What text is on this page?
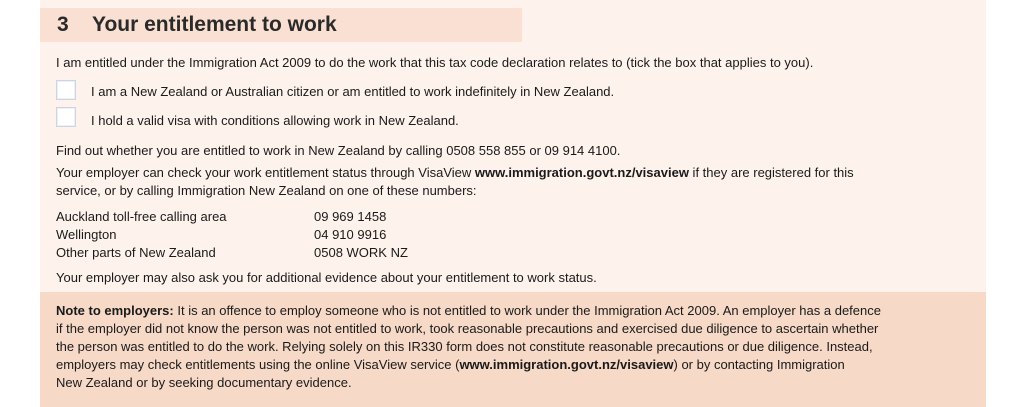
3 Your entitlement to work
I am entitled under the Immigration Act 2009 to do the work that this tax code declaration relates to (tick the box that applies to you).
I am a New Zealand or Australian citizen or am entitled to work indefinitely in New Zealand.
I hold a valid visa with conditions allowing work in New Zealand.
Find out whether you are entitled to work in New Zealand by calling 0508 558 855 or 09 914 4100.
Your employer can check your work entitlement status through VisaView www.immigration.govt.nz/visaview if they are registered for this
service, or by calling Immigration New Zealand on one of these numbers:
Auckland toll-free calling area	09 969 1458
Wellington	04 910 9916
Other parts of New Zealand	0508 WORK NZ
Your employer may also ask you for additional evidence about your entitlement to work status.
Note to employers: It is an offence to employ someone who is not entitled to work under the Immigration Act 2009. An employer has a defence
if the employer did not know the person was not entitled to work, took reasonable precautions and exercised due diligence to ascertain whether
the person was entitled to do the work. Relying solely on this IR330 form does not constitute reasonable precautions or due diligence. Instead,
employers may check entitlements using the online VisaView service (www.immigration.govt.nz/visaview) or by contacting Immigration
New Zealand or by seeking documentary evidence.
